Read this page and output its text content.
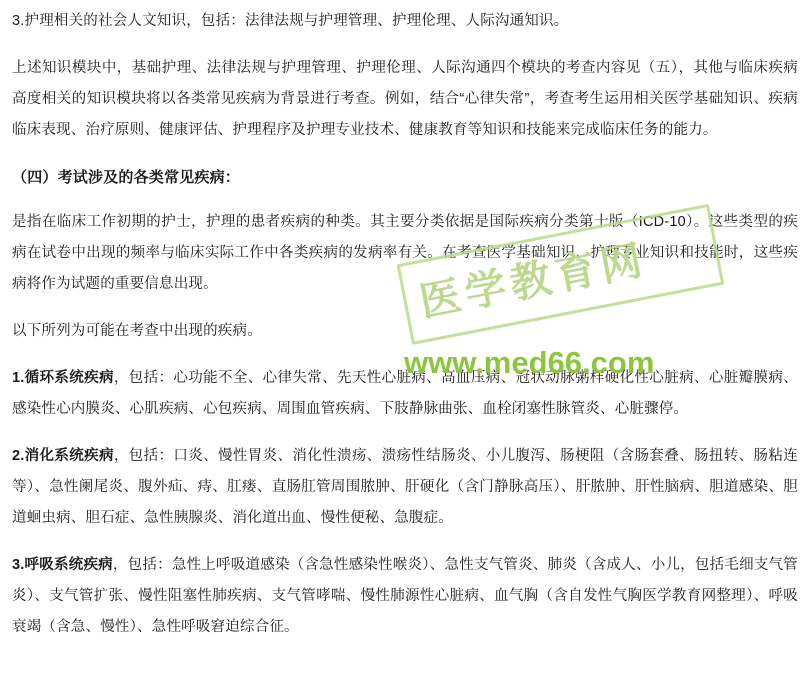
3.护理相关的社会人文知识，包括：法律法规与护理管理、护理伦理、人际沟通知识。

上述知识模块中，基础护理、法律法规与护理管理、护理伦理、人际沟通四个模块的考查内容见（五），其他与临床疾病高度相关的知识模块将以各类常见疾病为背景进行考查。例如，结合“心律失常”，考查考生运用相关医学基础知识、疾病临床表现、治疗原则、健康评估、护理程序及护理专业技术、健康教育等知识和技能来完成临床任务的能力。

（四）考试涉及的各类常见疾病：

是指在临床工作初期的护士，护理的患者疾病的种类。其主要分类依据是国际疾病分类第十版（ICD-10）。这些类型的疾病在试卷中出现的频率与临床实际工作中各类疾病的发病率有关。在考查医学基础知识、护理专业知识和技能时，这些疾病将作为试题的重要信息出现。

以下所列为可能在考查中出现的疾病。

1.循环系统疾病，包括：心功能不全、心律失常、先天性心脏病、高血压病、冠状动脉粥样硬化性心脏病、心脏瓣膜病、感染性心内膜炎、心肌疾病、心包疾病、周围血管疾病、下肢静脉曲张、血栓闭塞性脉管炎、心脏骤停。

2.消化系统疾病，包括：口炎、慢性胃炎、消化性溃疡、溃疡性结肠炎、小儿腹泻、肠梗阻（含肠套叠、肠扭转、肠粘连等）、急性阑尾炎、腹外疝、痔、肛瘘、直肠肛管周围脓肿、肝硬化（含门静脉高压）、肝脓肿、肝性脑病、胆道感染、胆道蛔虫病、胆石症、急性胰腺炎、消化道出血、慢性便秘、急腹症。

3.呼吸系统疾病，包括：急性上呼吸道感染（含急性感染性喉炎）、急性支气管炎、肺炎（含成人、小儿，包括毛细支气管炎）、支气管扩张、慢性阻塞性肺疾病、支气管哮喘、慢性肺源性心脏病、血气胸（含自发性气胸医学教育网整理）、呼吸衰竭（含急、慢性）、急性呼吸窘迫综合征。

医学教育网
www.med66.com
